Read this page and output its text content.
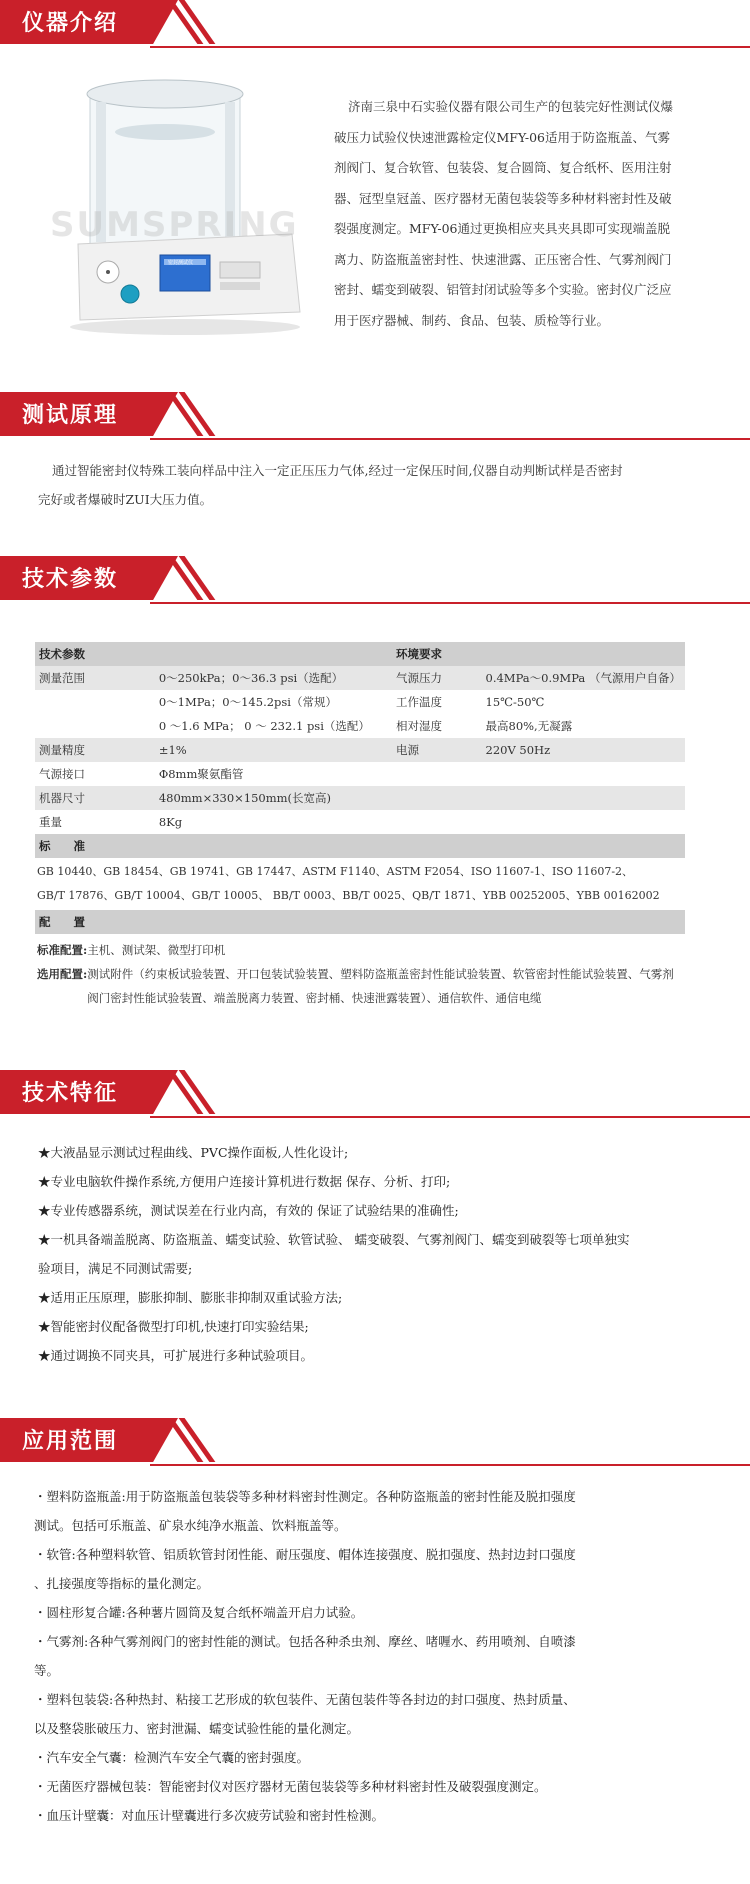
仪器介绍
密封测试仪
SUMSPRING
济南三泉中石实验仪器有限公司生产的包装完好性测试仪爆
破压力试验仪快速泄露检定仪MFY-06适用于防盗瓶盖、气雾
剂阀门、复合软管、包装袋、复合圆筒、复合纸杯、医用注射
器、冠型皇冠盖、医疗器材无菌包装袋等多种材料密封性及破
裂强度测定。MFY-06通过更换相应夹具夹具即可实现端盖脱
离力、防盗瓶盖密封性、快速泄露、正压密合性、气雾剂阀门
密封、蠕变到破裂、铝管封闭试验等多个实验。密封仪广泛应
用于医疗器械、制药、食品、包装、质检等行业。
测试原理
通过智能密封仪特殊工装向样品中注入一定正压压力气体,经过一定保压时间,仪器自动判断试样是否密封
完好或者爆破时ZUI大压力值。
技术参数
技术参数		环境要求	
测量范围	0～250kPa；0～36.3 psi（选配）	气源压力	0.4MPa～0.9MPa （气源用户自备）
	0～1MPa；0～145.2psi（常规）	工作温度	15℃-50℃
	0 ～1.6 MPa； 0 ～ 232.1 psi（选配）	相对湿度	最高80%,无凝露
测量精度	±1%	电源	220V 50Hz
气源接口	Φ8mm聚氨酯管		
机器尺寸	480mm×330×150mm(长宽高)		
重量	8Kg		
标　　准			

GB 10440、GB 18454、GB 19741、GB 17447、ASTM F1140、ASTM F2054、ISO 11607-1、ISO 11607-2、
GB/T 17876、GB/T 10004、GB/T 10005、 BB/T 0003、BB/T 0025、QB/T 1871、YBB 00252005、YBB 00162002			

配　　置			
标准配置:主机、测试架、微型打印机			

选用配置: 测试附件（约束板试验装置、开口包装试验装置、塑料防盗瓶盖密封性能试验装置、软管密封性能试验装置、气雾剂阀门密封性能试验装置、端盖脱离力装置、密封桶、快速泄露装置）、通信软件、通信电缆			
技术特征
★大液晶显示测试过程曲线、PVC操作面板,人性化设计;
★专业电脑软件操作系统,方便用户连接计算机进行数据 保存、分析、打印;
★专业传感器系统，测试误差在行业内高，有效的 保证了试验结果的准确性;
★一机具备端盖脱离、防盗瓶盖、蠕变试验、软管试验、 蠕变破裂、气雾剂阀门、蠕变到破裂等七项单独实
验项目，满足不同测试需要;
★适用正压原理，膨胀抑制、膨胀非抑制双重试验方法;
★智能密封仪配备微型打印机,快速打印实验结果;
★通过调换不同夹具，可扩展进行多种试验项目。
应用范围
・塑料防盗瓶盖:用于防盗瓶盖包装袋等多种材料密封性测定。各种防盗瓶盖的密封性能及脱扣强度
测试。包括可乐瓶盖、矿泉水纯净水瓶盖、饮料瓶盖等。
・软管:各种塑料软管、铝质软管封闭性能、耐压强度、帽体连接强度、脱扣强度、热封边封口强度
、扎接强度等指标的量化测定。
・圆柱形复合罐:各种薯片圆筒及复合纸杯端盖开启力试验。
・气雾剂:各种气雾剂阀门的密封性能的测试。包括各种杀虫剂、摩丝、啫喱水、药用喷剂、自喷漆
等。
・塑料包装袋:各种热封、粘接工艺形成的软包装件、无菌包装件等各封边的封口强度、热封质量、
以及整袋胀破压力、密封泄漏、蠕变试验性能的量化测定。
・汽车安全气囊：检测汽车安全气囊的密封强度。
・无菌医疗器械包装：智能密封仪对医疗器材无菌包装袋等多种材料密封性及破裂强度测定。
・血压计壁囊：对血压计壁囊进行多次疲劳试验和密封性检测。
